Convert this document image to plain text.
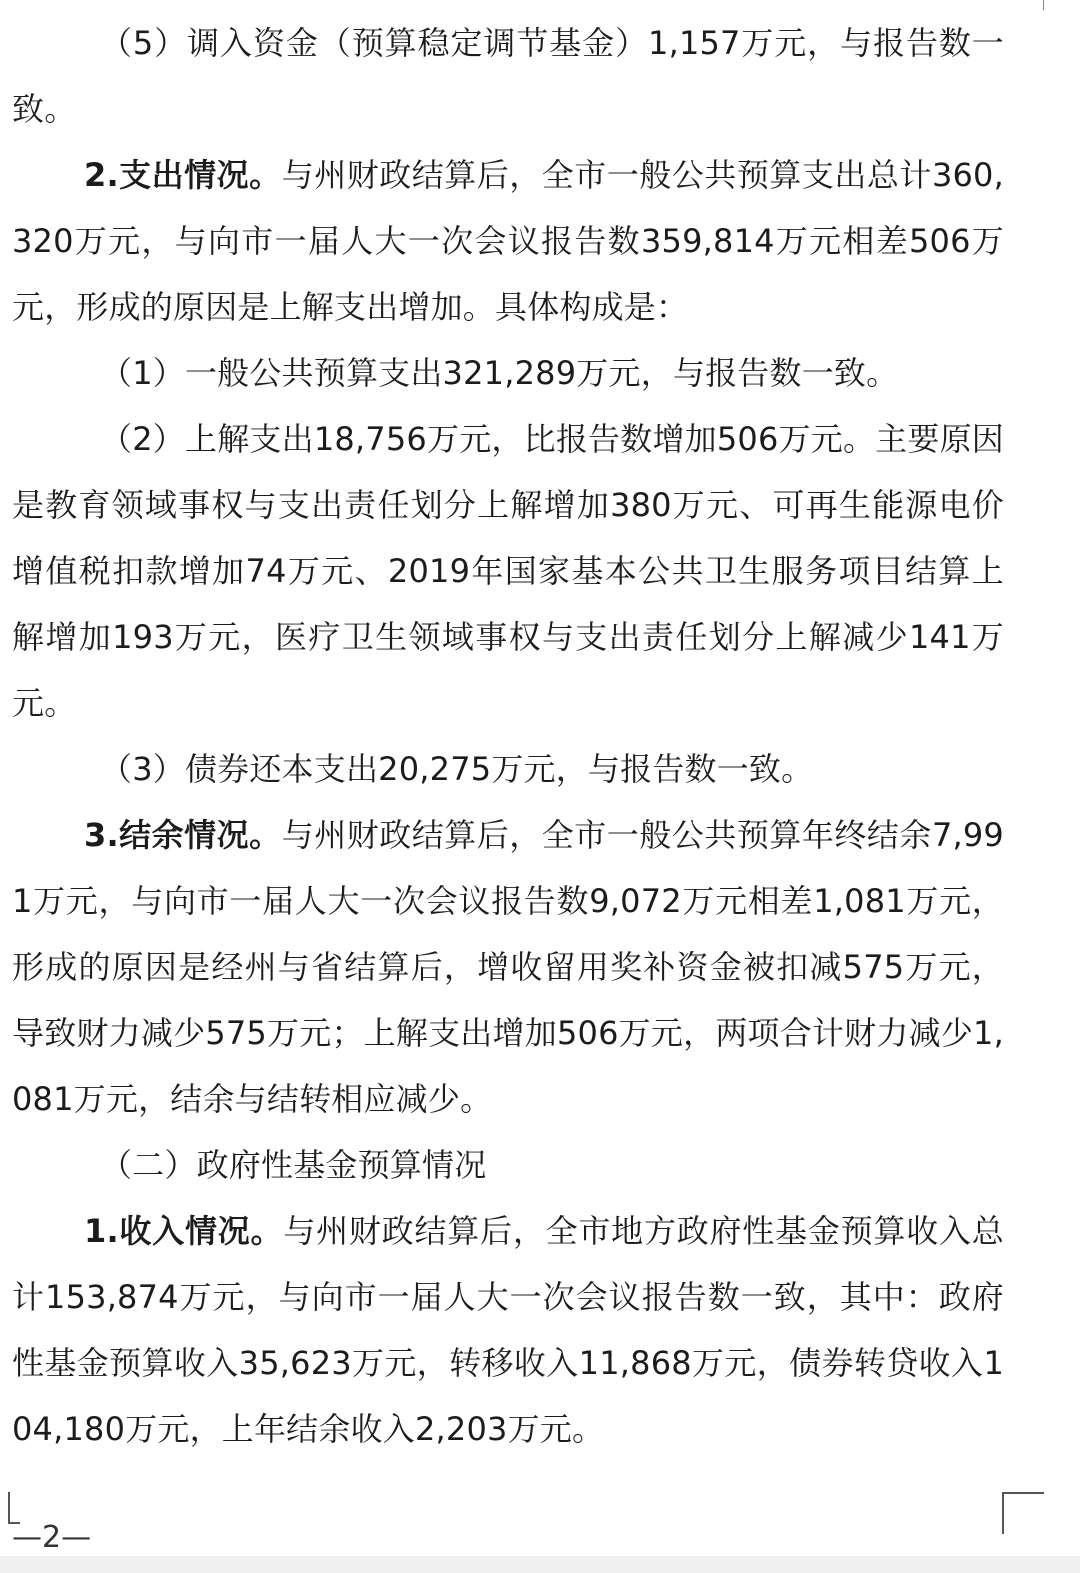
（5）调入资金（预算稳定调节基金）1,157万元，与报告数一致。

2.支出情况。与州财政结算后，全市一般公共预算支出总计360,320万元，与向市一届人大一次会议报告数359,814万元相差506万元，形成的原因是上解支出增加。具体构成是：

（1）一般公共预算支出321,289万元，与报告数一致。

（2）上解支出18,756万元，比报告数增加506万元。主要原因是教育领域事权与支出责任划分上解增加380万元、可再生能源电价增值税扣款增加74万元、2019年国家基本公共卫生服务项目结算上解增加193万元，医疗卫生领域事权与支出责任划分上解减少141万元。

（3）债券还本支出20,275万元，与报告数一致。

3.结余情况。与州财政结算后，全市一般公共预算年终结余7,991万元，与向市一届人大一次会议报告数9,072万元相差1,081万元，形成的原因是经州与省结算后，增收留用奖补资金被扣减575万元，导致财力减少575万元；上解支出增加506万元，两项合计财力减少1,081万元，结余与结转相应减少。

（二）政府性基金预算情况

1.收入情况。与州财政结算后，全市地方政府性基金预算收入总计153,874万元，与向市一届人大一次会议报告数一致，其中：政府性基金预算收入35,623万元，转移收入11,868万元，债券转贷收入104,180万元，上年结余收入2,203万元。

—2—
